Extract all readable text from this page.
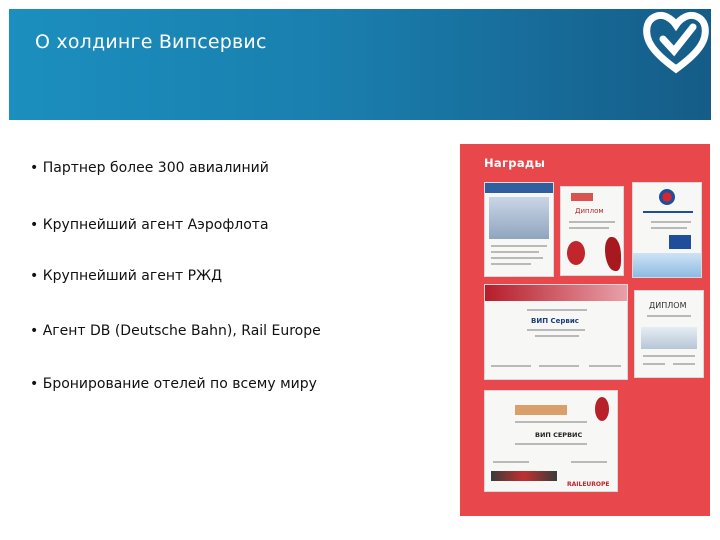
О холдинге Випсервис
• Партнер более 300 авиалиний
• Крупнейший агент Аэрофлота
• Крупнейший агент РЖД
• Агент DB (Deutsche Bahn), Rail Europe
• Бронирование отелей по всему миру
Награды
Диплом
ВИП Сервис
ДИПЛОМ
ВИП СЕРВИС
RAILEUROPE
